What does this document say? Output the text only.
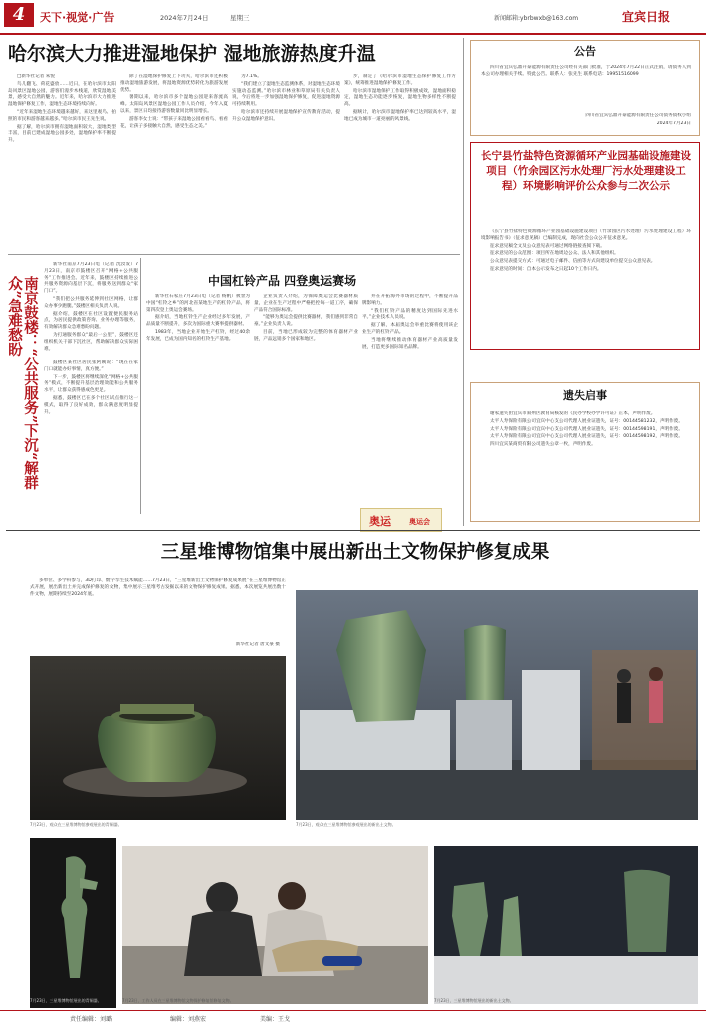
4	天下·视觉·广告	2024年7月24日	星期三	新闻邮箱:ybrbwxb@163.com	宜宾日报
哈尔滨大力推进湿地保护 湿地旅游热度升温

□新华社记者 朱悦

鸟儿翻飞、荷花盛放……近日，在哈尔滨市太阳岛风景区湿地公园，游客们漫步木栈道，欣赏湿地美景，感受大自然的魅力。近年来，哈尔滨市大力推进湿地保护修复工作，湿地生态环境持续向好。

“近年来湿地生态环境越来越好，来这里观鸟、拍照的市民和游客越来越多。”哈尔滨市民王先生说。

据了解，哈尔滨市拥有湿地面积较大，湿地类型丰富，目前已建成湿地公园多处，湿地保护率不断提升。

除了在湿地保护修复上下功夫，哈尔滨市还积极推动湿地旅游发展，将湿地资源优势转化为旅游发展优势。

暑期以来，哈尔滨市多个湿地公园迎来客流高峰。太阳岛风景区湿地公园工作人员介绍，今年入夏以来，景区日均接待游客数量同比明显增长。

游客李女士说：“带孩子来湿地公园看看鸟、看看花，让孩子多接触大自然，感受生态之美。”

为7.1%。

“我们建立了湿地生态监测体系，对湿地生态环境实施动态监测。”哈尔滨市林业和草原局有关负责人说，今后将进一步加强湿地保护修复，促进湿地资源可持续利用。

哈尔滨市还持续开展湿地保护宣传教育活动，提升公众湿地保护意识。

步，制定了《哈尔滨市湿地生态保护修复工作方案》，统筹推进湿地保护修复工作。

哈尔滨市湿地保护工作取得积极成效，湿地面积稳定，湿地生态功能逐步恢复，湿地生物多样性不断提高。

据统计，哈尔滨市湿地保护率已达到较高水平，湿地已成为城市一道亮丽的风景线。

南京鼓楼：“公共服务”下沉“解群众”急难愁盼

新华社南京7月23日电（记者 沈汝发）7月23日，南京市鼓楼区召开“网格+公共服务”工作推进会。近年来，鼓楼区持续推进公共服务资源向基层下沉，将服务送到群众“家门口”。

“我们把公共服务延伸到社区网格，让群众办事少跑腿。”鼓楼区相关负责人说。

据介绍，鼓楼区在社区设置便民服务站点，为居民提供政策咨询、业务办理等服务，有效解决群众急难愁盼问题。

为打通服务群众“最后一公里”，鼓楼区还组织机关干部下沉社区，帮助解决群众实际困难。

鼓楼区某社区居民张阿姨说：“现在在家门口就能办好事情，真方便。”

下一步，鼓楼区将继续深化“网格+公共服务”模式，不断提升基层治理效能和公共服务水平，让群众获得感成色更足。

据悉，鼓楼区已在多个社区试点推行这一模式，取得了良好成效，群众满意度明显提升。

中国杠铃产品 四登奥运赛场

新华社石家庄7月23日电（记者 杨帆）被誉为中国“杠铃之乡”的河北省某地生产的杠铃产品，将第四次登上奥运会赛场。

据介绍，当地杠铃生产企业经过多年发展，产品质量不断提升，多次为国际重大赛事提供器材。

1983年，当地企业开始生产杠铃，经过40余年发展，已成为国内知名的杠铃生产基地。

企业负责人介绍，为保障奥运会比赛器材质量，企业在生产过程中严格把控每一道工序，确保产品符合国际标准。

“能够为奥运会提供比赛器材，我们感到非常自豪。”企业负责人说。

目前，当地已形成较为完整的体育器材产业链，产品远销多个国家和地区。

并在开拓海外市场的过程中，不断提升品牌影响力。

“我们杠铃产品的精度达到国际先进水平。”企业技术人员说。

据了解，本届奥运会举重比赛将使用该企业生产的杠铃产品。

当地将继续推动体育器材产业高质量发展，打造更多国际知名品牌。

奥运	奥运会
公告

四川省宜宾弘鼎开泰能源有限责任公司经有关部门批准，于2024年7月22日正式注销，请债务人到本公司办理相关手续。特此公告。联系人：张先生 联系电话：19951516099

四川省宜宾弘鼎开泰能源有限责任公司债务债权小组
2024年7月23日
长宁县竹盐特色资源循环产业园基础设施建设项目（竹余园区污水处理厂污水处理建设工程）环境影响评价公众参与二次公示

《长宁县竹盐特色资源循环产业园基础设施建设项目（竹余园区污水处理厂污水处理建设工程）环境影响报告书》（征求意见稿）已编制完成，现向社会公众公开征求意见。

征求意见稿全文及公众意见表可通过网络链接查阅下载。

征求意见的公众范围：项目所在地周边公众、法人和其他组织。

公众意见表提交方式：可通过电子邮件、信函等方式向建设单位提交公众意见表。

征求意见的时间：自本公示发布之日起10个工作日内。

遗失启事

谢家遗失由宜宾市叙州区教育局核发的《民办学校办学许可证》正本，声明作废。

太平人寿保险有限公司宜宾中心支公司代理人展业证遗失，证号：00144581232，声明作废。

太平人寿保险有限公司宜宾中心支公司代理人展业证遗失，证号：00144598191，声明作废。

太平人寿保险有限公司宜宾中心支公司代理人展业证遗失，证号：00144598192，声明作废。

四川宜宾某商贸有限公司遗失公章一枚，声明作废。

三星堆博物馆集中展出新出土文物保护修复成果

多单位、多学科参与，3D打印、数字孪生技术赋能……7月23日，“三星堆新出土文物保护修复成果展”在三星堆博物馆正式开展，展出新出土并完成保护修复的文物，集中展示三星堆考古发掘以来的文物保护修复成果。据悉，本次展览共展出数十件文物，展期持续至2024年底。

新华社记者 唐文豪 摄
7月23日，观众在三星堆博物馆参观展出的青铜器。	7月23日，观众在三星堆博物馆参观展出的新出土文物。
7月23日，三星堆博物馆展出的青铜器。	7月23日，工作人员在三星堆博物馆文物保护修复馆修复文物。	7月23日，三星堆博物馆展出的新出土文物。
责任编辑：刘璐	编辑：刘燕宏	美编：王戈
